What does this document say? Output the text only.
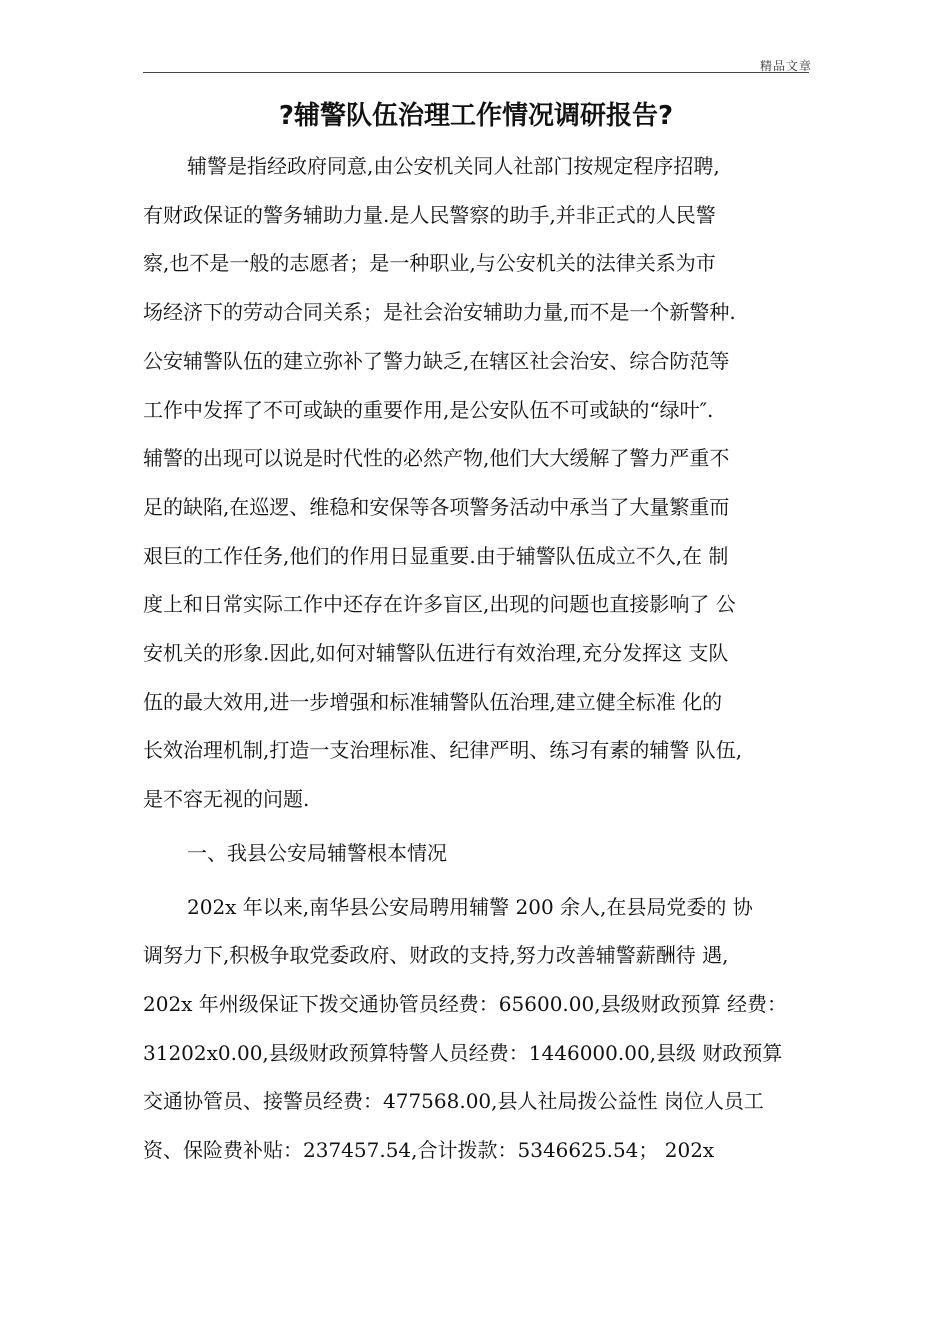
精品文章
?辅警队伍治理工作情况调研报告?
辅警是指经政府同意,由公安机关同人社部门按规定程序招聘,
有财政保证的警务辅助力量.是人民警察的助手,并非正式的人民警
察,也不是一般的志愿者；是一种职业,与公安机关的法律关系为市
场经济下的劳动合同关系；是社会治安辅助力量,而不是一个新警种.
公安辅警队伍的建立弥补了警力缺乏,在辖区社会治安、综合防范等
工作中发挥了不可或缺的重要作用,是公安队伍不可或缺的“绿叶″.
辅警的出现可以说是时代性的必然产物,他们大大缓解了警力严重不
足的缺陷,在巡逻、维稳和安保等各项警务活动中承当了大量繁重而
艰巨的工作任务,他们的作用日显重要.由于辅警队伍成立不久,在 制
度上和日常实际工作中还存在许多盲区,出现的问题也直接影响了 公
安机关的形象.因此,如何对辅警队伍进行有效治理,充分发挥这 支队
伍的最大效用,进一步增强和标准辅警队伍治理,建立健全标准 化的
长效治理机制,打造一支治理标准、纪律严明、练习有素的辅警 队伍,
是不容无视的问题.
一、我县公安局辅警根本情况
202x 年以来,南华县公安局聘用辅警 200 余人,在县局党委的 协
调努力下,积极争取党委政府、财政的支持,努力改善辅警薪酬待 遇,
202x 年州级保证下拨交通协管员经费：65600.00,县级财政预算 经费：
31202x0.00,县级财政预算特警人员经费：1446000.00,县级 财政预算
交通协管员、接警员经费：477568.00,县人社局拨公益性 岗位人员工
资、保险费补贴：237457.54,合计拨款：5346625.54； 202x
